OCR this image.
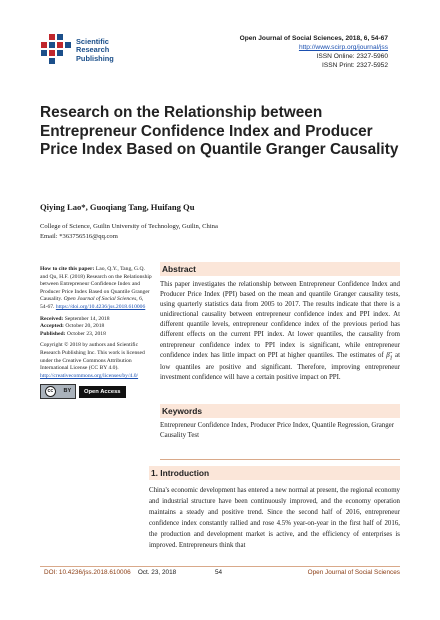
Scientific
Research
Publishing
Open Journal of Social Sciences, 2018, 6, 54-67
http://www.scirp.org/journal/jss
ISSN Online: 2327-5960
ISSN Print: 2327-5952
Research on the Relationship between Entrepreneur Confidence Index and Producer Price Index Based on Quantile Granger Causality
Qiying Lao*, Guoqiang Tang, Huifang Qu
College of Science, Guilin University of Technology, Guilin, China
Email: *363756516@qq.com

How to cite this paper: Lao, Q.Y., Tang, G.Q. and Qu, H.F. (2018) Research on the Relationship between Entrepreneur Confidence Index and Producer Price Index Based on Quantile Granger Causality. Open Journal of Social Sciences, 6, 54-67. https://doi.org/10.4236/jss.2018.610006

Received: September 14, 2018
Accepted: October 20, 2018
Published: October 23, 2018

Copyright © 2018 by authors and Scientific Research Publishing Inc. This work is licensed under the Creative Commons Attribution International License (CC BY 4.0). http://creativecommons.org/licenses/by/4.0/

cc	BY	Open Access
Abstract
This paper investigates the relationship between Entrepreneur Confidence Index and Producer Price Index (PPI) based on the mean and quantile Granger causality tests, using quarterly statistics data from 2005 to 2017. The results indicate that there is a unidirectional causality between entrepreneur confidence index and PPI index. At different quantile levels, entrepreneur confidence index of the previous period has different effects on the current PPI index. At lower quantiles, the causality from entrepreneur confidence index to PPI index is significant, while entrepreneur confidence index has little impact on PPI at higher quantiles. The estimates of $\betâ_1$ at low quantiles are positive and significant. Therefore, improving entrepreneur investment confidence will have a certain positive impact on PPI.
Keywords
Entrepreneur Confidence Index, Producer Price Index, Quantile Regression, Granger Causality Test
1. Introduction
China's economic development has entered a new normal at present, the regional economy and industrial structure have been continuously improved, and the economy operation maintains a steady and positive trend. Since the second half of 2016, entrepreneur confidence index constantly rallied and rose 4.5% year-on-year in the first half of 2016, the production and development market is active, and the efficiency of enterprises is improved. Entrepreneurs think that
DOI: 10.4236/jss.2018.610006 Oct. 23, 2018	54	Open Journal of Social Sciences
